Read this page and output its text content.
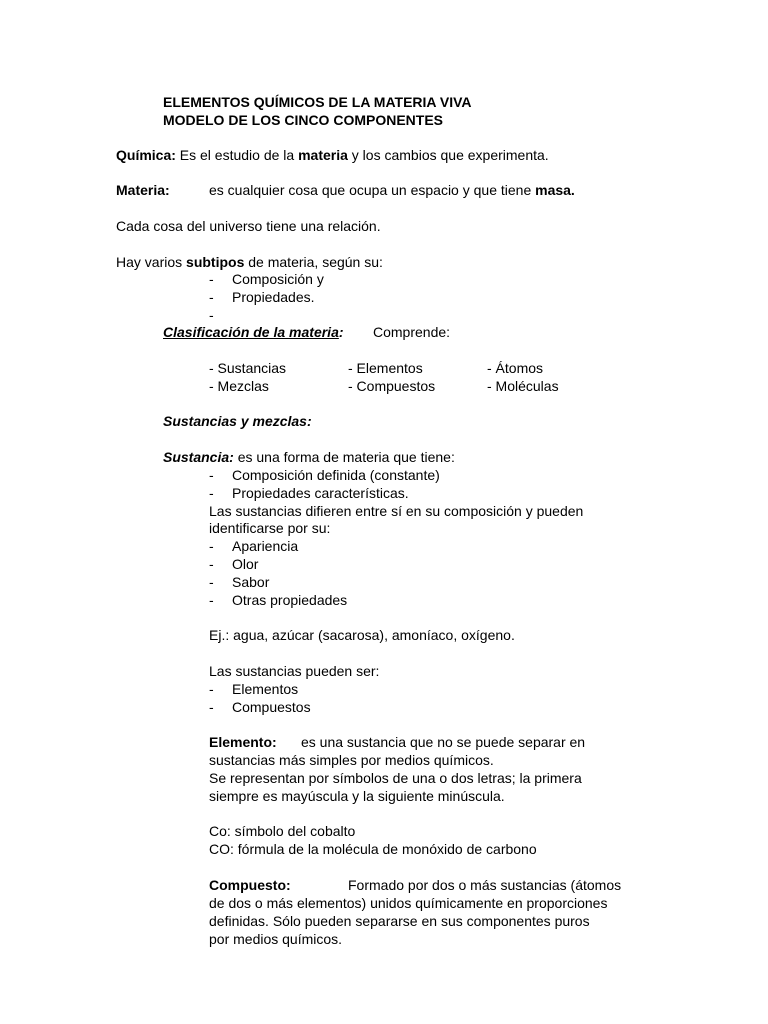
ELEMENTOS QUÍMICOS DE LA MATERIA VIVA
MODELO DE LOS CINCO COMPONENTES
Química: Es el estudio de la materia y los cambios que experimenta.
Materia:	es cualquier cosa que ocupa un espacio y que tiene masa.
Cada cosa del universo tiene una relación.
Hay varios subtipos de materia, según su:
- Composición y
- Propiedades.
-
Clasificación de la materia: Comprende:
- Sustancias
- Mezclas
- Elementos
- Compuestos
- Átomos
- Moléculas
Sustancias y mezclas:
Sustancia: es una forma de materia que tiene:
- Composición definida (constante)
- Propiedades características.
Las sustancias difieren entre sí en su composición y pueden
identificarse por su:
- Apariencia
- Olor
- Sabor
- Otras propiedades
Ej.: agua, azúcar (sacarosa), amoníaco, oxígeno.
Las sustancias pueden ser:
- Elementos
- Compuestos
Elemento: es una sustancia que no se puede separar en
sustancias más simples por medios químicos.
Se representan por símbolos de una o dos letras; la primera
siempre es mayúscula y la siguiente minúscula.
Co: símbolo del cobalto
CO: fórmula de la molécula de monóxido de carbono
Compuesto:	Formado por dos o más sustancias (átomos
de dos o más elementos) unidos químicamente en proporciones
definidas. Sólo pueden separarse en sus componentes puros
por medios químicos.
